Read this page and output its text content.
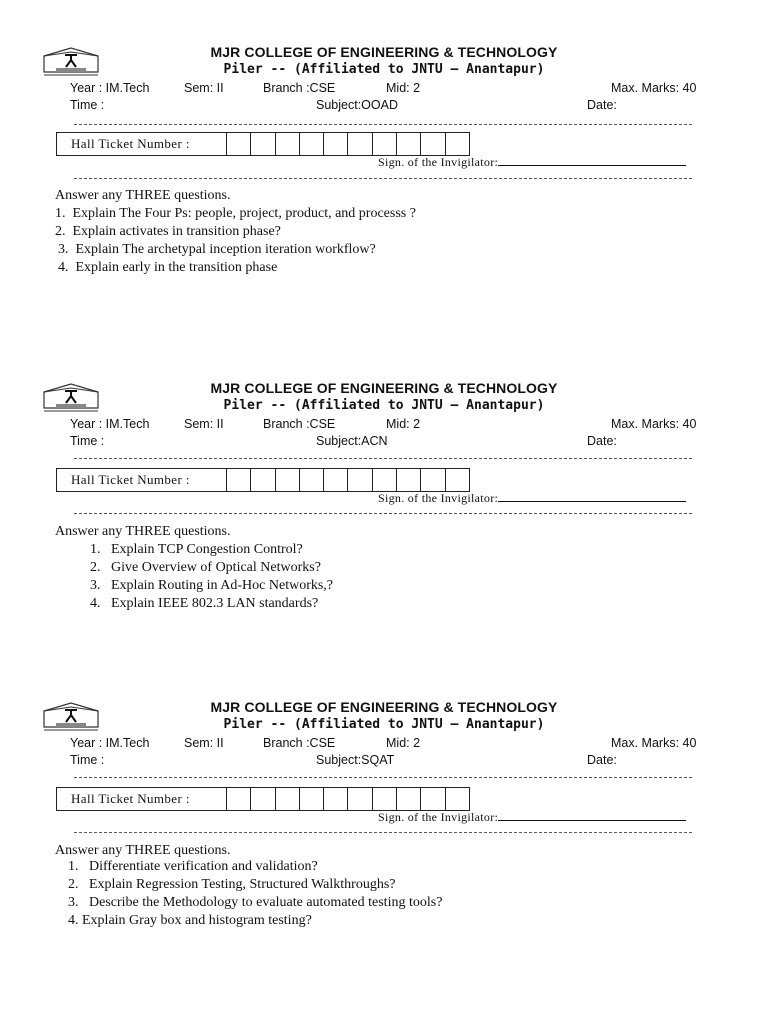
MJR COLLEGE OF ENGINEERING & TECHNOLOGY
Piler -- (Affiliated to JNTU – Anantapur)
Year : IM.Tech	Sem: II	Branch :CSE	Mid: 2	Max. Marks: 40
Time :	Subject:OOAD	Date:
Hall Ticket Number :
Sign. of the Invigilator:
Answer any THREE questions.
1. Explain The Four Ps: people, project, product, and processs ?
2. Explain activates in transition phase?
3. Explain The archetypal inception iteration workflow?
4. Explain early in the transition phase
MJR COLLEGE OF ENGINEERING & TECHNOLOGY
Piler -- (Affiliated to JNTU – Anantapur)
Year : IM.Tech	Sem: II	Branch :CSE	Mid: 2	Max. Marks: 40
Time :	Subject:ACN	Date:
Hall Ticket Number :
Sign. of the Invigilator:
Answer any THREE questions.
1. Explain TCP Congestion Control?
2. Give Overview of Optical Networks?
3. Explain Routing in Ad-Hoc Networks,?
4. Explain IEEE 802.3 LAN standards?
MJR COLLEGE OF ENGINEERING & TECHNOLOGY
Piler -- (Affiliated to JNTU – Anantapur)
Year : IM.Tech	Sem: II	Branch :CSE	Mid: 2	Max. Marks: 40
Time :	Subject:SQAT	Date:
Hall Ticket Number :
Sign. of the Invigilator:
Answer any THREE questions.
1. Differentiate verification and validation?
2. Explain Regression Testing, Structured Walkthroughs?
3. Describe the Methodology to evaluate automated testing tools?
4. Explain Gray box and histogram testing?
